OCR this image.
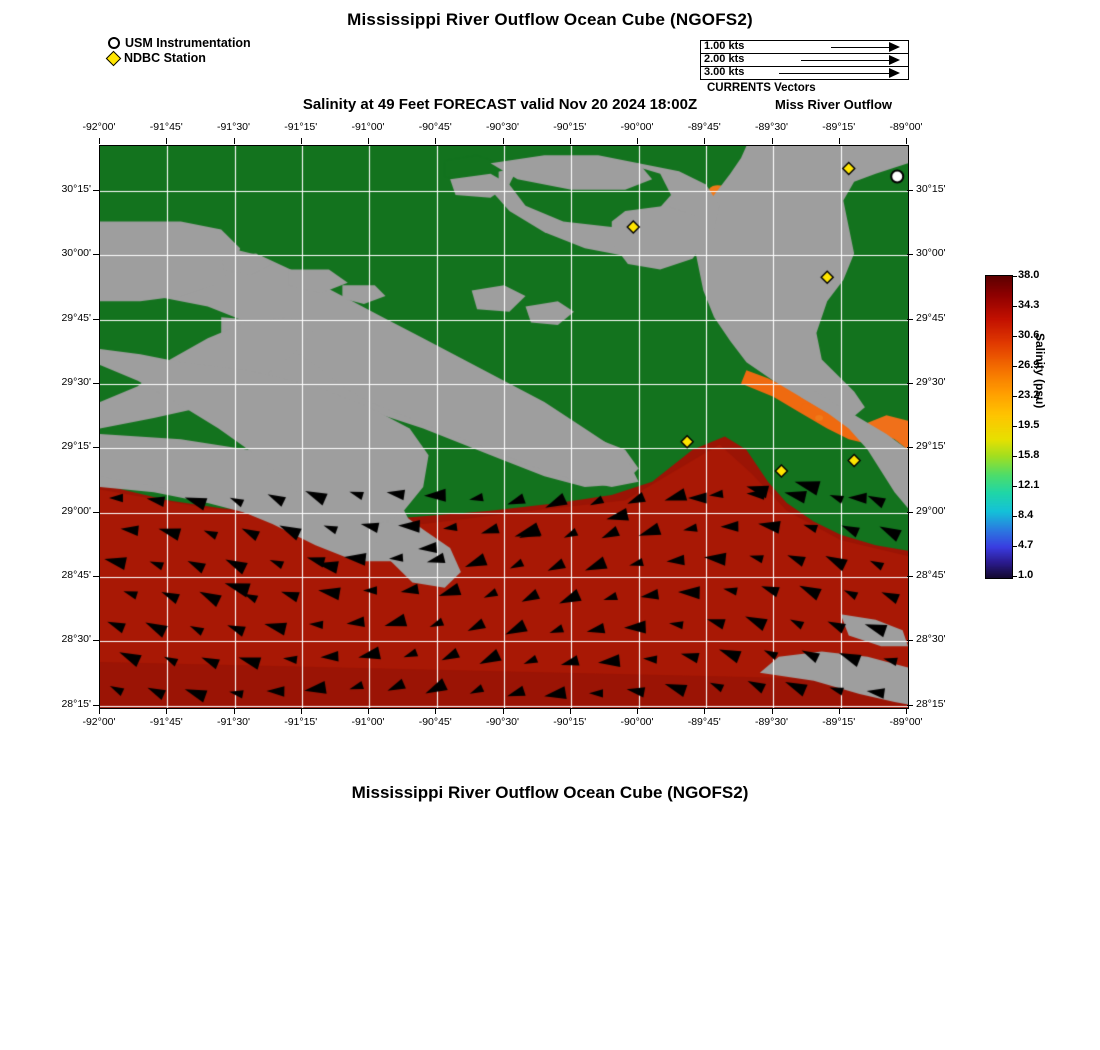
Mississippi River Outflow Ocean Cube (NGOFS2)
Salinity at 49 Feet FORECAST valid Nov 20 2024 18:00Z	Miss River Outflow
Mississippi River Outflow Ocean Cube (NGOFS2)
USM Instrumentation
NDBC Station
1.00 kts
2.00 kts
3.00 kts
CURRENTS Vectors
-92°00'
-92°00'
-91°45'
-91°45'
-91°30'
-91°30'
-91°15'
-91°15'
-91°00'
-91°00'
-90°45'
-90°45'
-90°30'
-90°30'
-90°15'
-90°15'
-90°00'
-90°00'
-89°45'
-89°45'
-89°30'
-89°30'
-89°15'
-89°15'
-89°00'
-89°00'
30°15'	30°15'
30°00'	30°00'
29°45'	29°45'
29°30'	29°30'
29°15'	29°15'
29°00'	29°00'
28°45'	28°45'
28°30'	28°30'
28°15'	28°15'
Salinity (psu)
38.0
34.3
30.6
26.9
23.2
19.5
15.8
12.1
8.4
4.7
1.0
